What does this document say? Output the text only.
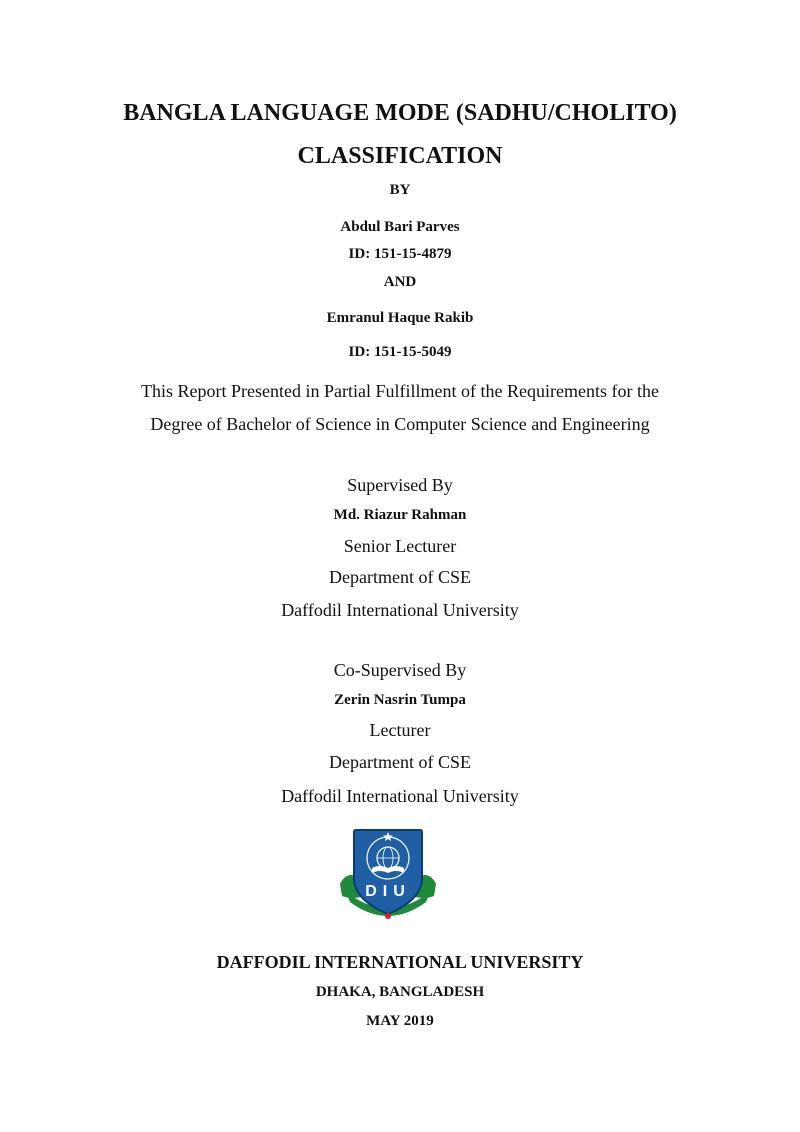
BANGLA LANGUAGE MODE (SADHU/CHOLITO)
CLASSIFICATION
BY
Abdul Bari Parves
ID: 151-15-4879
AND
Emranul Haque Rakib
ID: 151-15-5049
This Report Presented in Partial Fulfillment of the Requirements for the
Degree of Bachelor of Science in Computer Science and Engineering
Supervised By
Md. Riazur Rahman
Senior Lecturer
Department of CSE
Daffodil International University
Co-Supervised By
Zerin Nasrin Tumpa
Lecturer
Department of CSE
Daffodil International University
DIU
DAFFODIL INTERNATIONAL UNIVERSITY
DHAKA, BANGLADESH
MAY 2019
